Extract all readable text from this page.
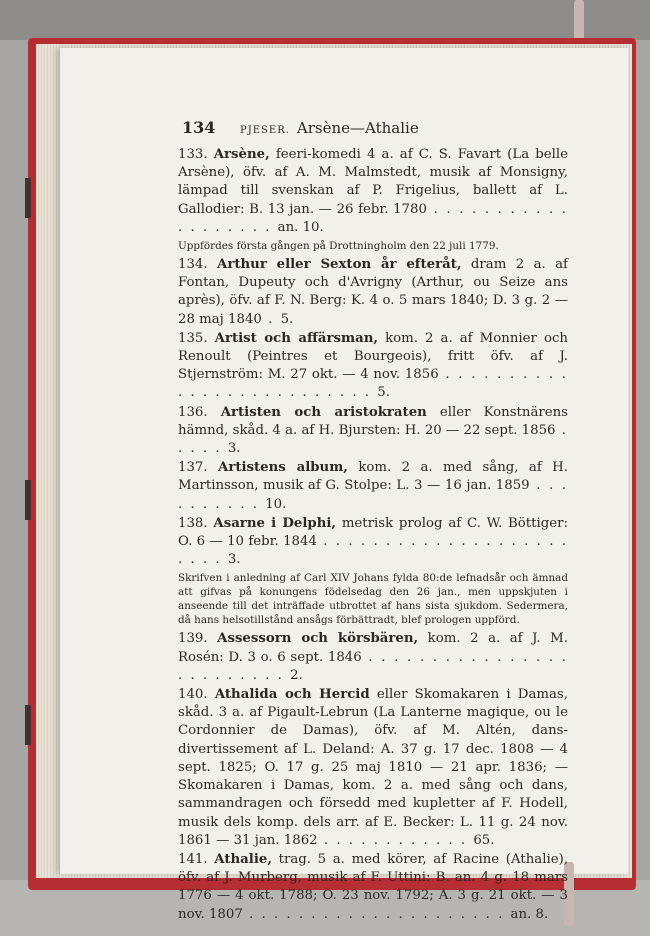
134 PJESER. Arsène—Athalie

133. Arsène, feeri-komedi 4 a. af C. S. Favart (La belle Arsène), öfv. af A. M. Malmstedt, musik af Monsigny, lämpad till svenskan af P. Frigelius, ballett af L. Gallodier: B. 13 jan. — 26 febr. 1780 . . . . . . . . . . . . . . . . . . . an. 10.

Uppfördes första gången på Drottningholm den 22 juli 1779.

134. Arthur eller Sexton år efteråt, dram 2 a. af Fontan, Dupeuty och d'Avrigny (Arthur, ou Seize ans après), öfv. af F. N. Berg: K. 4 o. 5 mars 1840; D. 3 g. 2 — 28 maj 1840 . 5.

135. Artist och affärsman, kom. 2 a. af Monnier och Renoult (Peintres et Bourgeois), fritt öfv. af J. Stjernström: M. 27 okt. — 4 nov. 1856 . . . . . . . . . . . . . . . . . . . . . . . . . . 5.

136. Artisten och aristokraten eller Konstnärens hämnd, skåd. 4 a. af H. Bjursten: H. 20 — 22 sept. 1856 . . . . . 3.

137. Artistens album, kom. 2 a. med sång, af H. Martinsson, musik af G. Stolpe: L. 3 — 16 jan. 1859 . . . . . . . . . . 10.

138. Asarne i Delphi, metrisk prolog af C. W. Böttiger: O. 6 — 10 febr. 1844 . . . . . . . . . . . . . . . . . . . . . . . . 3.

Skrifven i anledning af Carl XIV Johans fylda 80:de lefnadsår och ämnad att gifvas på konungens födelsedag den 26 jan., men uppskjuten i anseende till det inträffade utbrottet af hans sista sjukdom. Sedermera, då hans helsotillstånd ansågs förbättradt, blef prologen uppförd.

139. Assessorn och körsbären, kom. 2 a. af J. M. Rosén: D. 3 o. 6 sept. 1846 . . . . . . . . . . . . . . . . . . . . . . . . . 2.

140. Athalida och Hercid eller Skomakaren i Damas, skåd. 3 a. af Pigault-Lebrun (La Lanterne magique, ou le Cordonnier de Damas), öfv. af M. Altén, dans-divertissement af L. Deland: A. 37 g. 17 dec. 1808 — 4 sept. 1825; O. 17 g. 25 maj 1810 — 21 apr. 1836; — Skomakaren i Damas, kom. 2 a. med sång och dans, sammandragen och försedd med kupletter af F. Hodell, musik dels komp. dels arr. af E. Becker: L. 11 g. 24 nov. 1861 — 31 jan. 1862 . . . . . . . . . . . . 65.

141. Athalie, trag. 5 a. med körer, af Racine (Athalie), öfv. af J. Murberg, musik af F. Uttini: B. an. 4 g. 18 mars 1776 — 4 okt. 1788; O. 23 nov. 1792; A. 3 g. 21 okt. — 3 nov. 1807 . . . . . . . . . . . . . . . . . . . . . an. 8.
